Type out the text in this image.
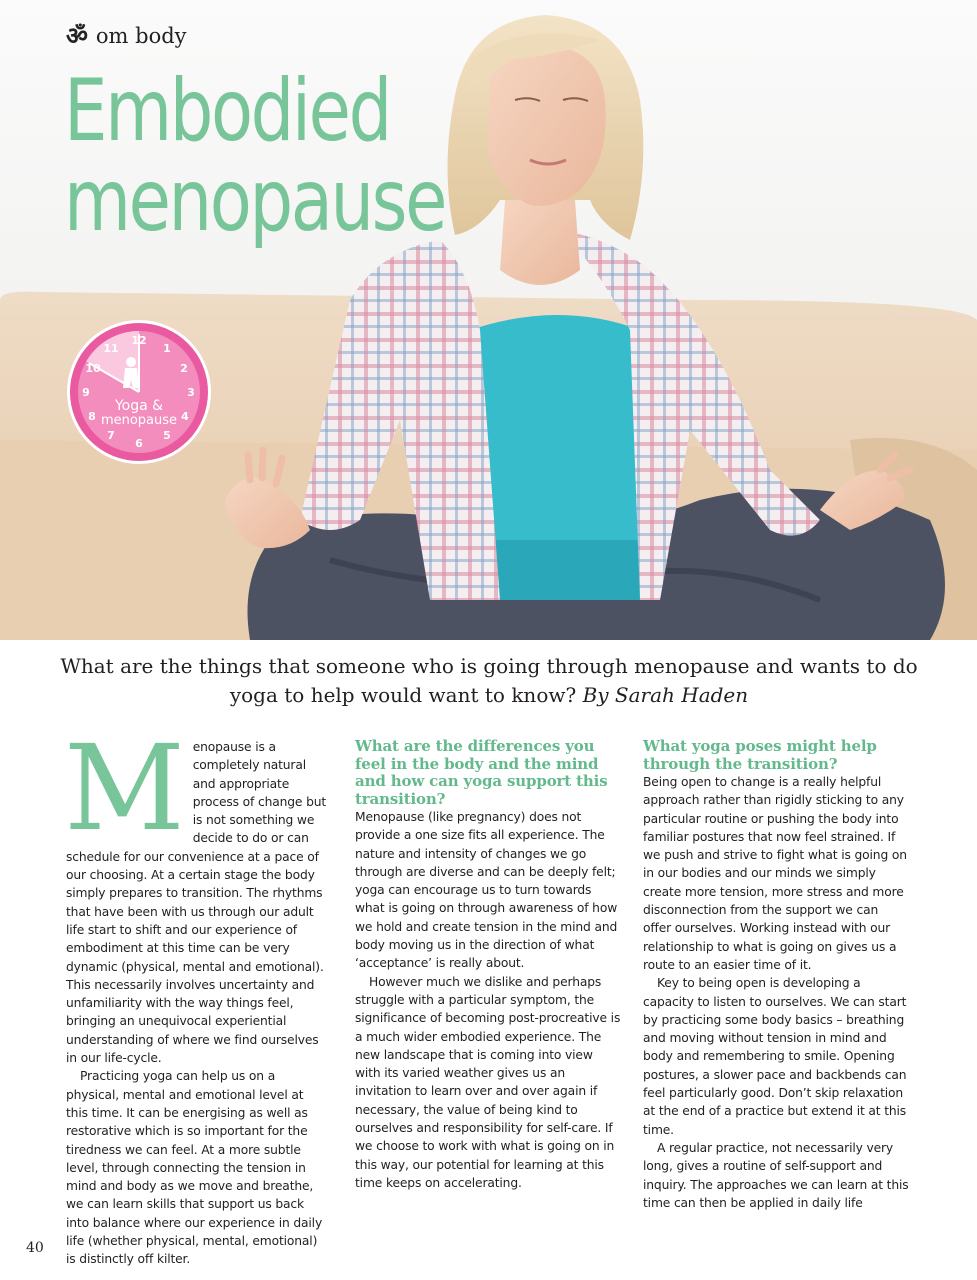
ॐ om body
Embodied
menopause
12
1
2
3
4
5
6
7
8
9
10
11
Yoga &
menopause

What are the things that someone who is going through menopause and wants to do yoga to help would want to know? By Sarah Haden

Menopause is a completely natural and appropriate process of change but is not something we decide to do or can schedule for our convenience at a pace of our choosing. At a certain stage the body simply prepares to transition. The rhythms that have been with us through our adult life start to shift and our experience of embodiment at this time can be very dynamic (physical, mental and emotional). This necessarily involves uncertainty and unfamiliarity with the way things feel, bringing an unequivocal experiential understanding of where we find ourselves in our life-cycle.

Practicing yoga can help us on a physical, mental and emotional level at this time. It can be energising as well as restorative which is so important for the tiredness we can feel. At a more subtle level, through connecting the tension in mind and body as we move and breathe, we can learn skills that support us back into balance where our experience in daily life (whether physical, mental, emotional) is distinctly off kilter.

What are the differences you feel in the body and the mind and how can yoga support this transition?

Menopause (like pregnancy) does not provide a one size fits all experience. The nature and intensity of changes we go through are diverse and can be deeply felt; yoga can encourage us to turn towards what is going on through awareness of how we hold and create tension in the mind and body moving us in the direction of what ‘acceptance’ is really about.

However much we dislike and perhaps struggle with a particular symptom, the significance of becoming post-procreative is a much wider embodied experience. The new landscape that is coming into view with its varied weather gives us an invitation to learn over and over again if necessary, the value of being kind to ourselves and responsibility for self-care. If we choose to work with what is going on in this way, our potential for learning at this time keeps on accelerating.

What yoga poses might help through the transition?

Being open to change is a really helpful approach rather than rigidly sticking to any particular routine or pushing the body into familiar postures that now feel strained. If we push and strive to fight what is going on in our bodies and our minds we simply create more tension, more stress and more disconnection from the support we can offer ourselves. Working instead with our relationship to what is going on gives us a route to an easier time of it.

Key to being open is developing a capacity to listen to ourselves. We can start by practicing some body basics – breathing and moving without tension in mind and body and remembering to smile. Opening postures, a slower pace and backbends can feel particularly good. Don’t skip relaxation at the end of a practice but extend it at this time.

A regular practice, not necessarily very long, gives a routine of self-support and inquiry. The approaches we can learn at this time can then be applied in daily life

40
